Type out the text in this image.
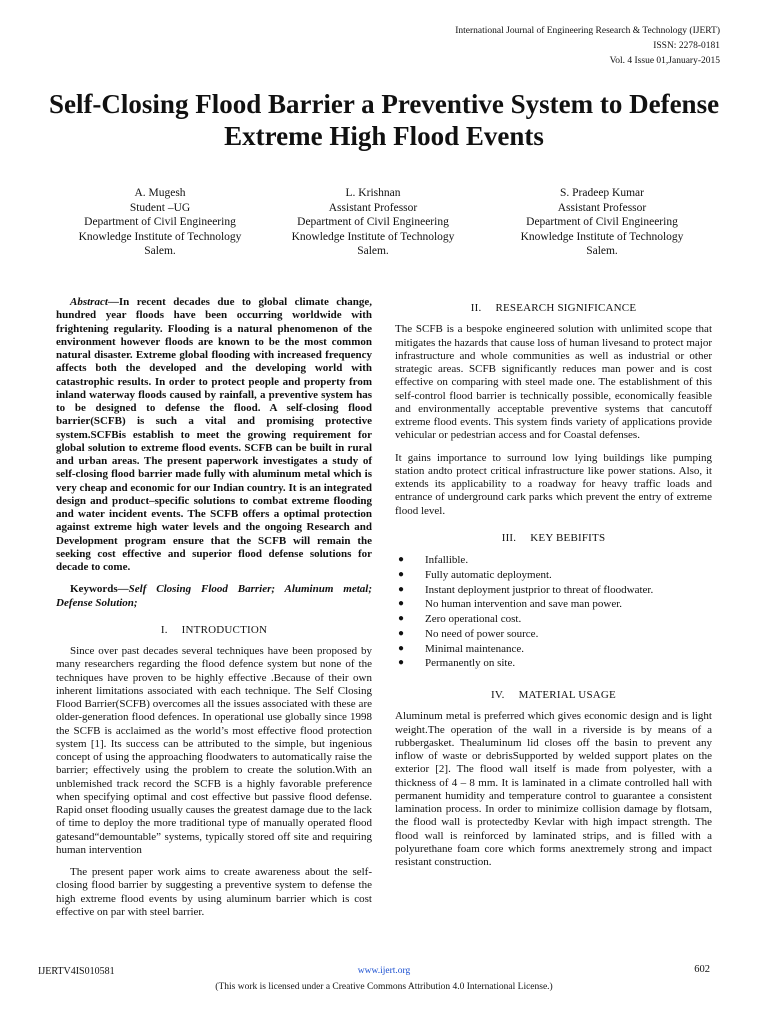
International Journal of Engineering Research & Technology (IJERT)
ISSN: 2278-0181
Vol. 4 Issue 01,January-2015
Self-Closing Flood Barrier a Preventive System to Defense Extreme High Flood Events
A. Mugesh
Student –UG
Department of Civil Engineering
Knowledge Institute of Technology
Salem.
L. Krishnan
Assistant Professor
Department of Civil Engineering
Knowledge Institute of Technology
Salem.
S. Pradeep Kumar
Assistant Professor
Department of Civil Engineering
Knowledge Institute of Technology
Salem.

Abstract—In recent decades due to global climate change, hundred year floods have been occurring worldwide with frightening regularity. Flooding is a natural phenomenon of the environment however floods are known to be the most common natural disaster. Extreme global flooding with increased frequency affects both the developed and the developing world with catastrophic results. In order to protect people and property from inland waterway floods caused by rainfall, a preventive system has to be designed to defense the flood. A self-closing flood barrier(SCFB) is such a vital and promising protective system.SCFBis establish to meet the growing requirement for global solution to extreme flood events. SCFB can be built in rural and urban areas. The present paperwork investigates a study of self-closing flood barrier made fully with aluminum metal which is very cheap and economic for our Indian country. It is an integrated design and product–specific solutions to combat extreme flooding and water incident events. The SCFB offers a optimal protection against extreme high water levels and the ongoing Research and Development program ensure that the SCFB will remain the seeking cost effective and superior flood defense solutions for decade to come.

Keywords—Self Closing Flood Barrier; Aluminum metal; Defense Solution;

I. INTRODUCTION

Since over past decades several techniques have been proposed by many researchers regarding the flood defence system but none of the techniques have proven to be highly effective .Because of their own inherent limitations associated with each technique. The Self Closing Flood Barrier(SCFB) overcomes all the issues associated with these are older-generation flood defences. In operational use globally since 1998 the SCFB is acclaimed as the world’s most effective flood protection system [1]. Its success can be attributed to the simple, but ingenious concept of using the approaching floodwaters to automatically raise the barrier; effectively using the problem to create the solution.With an unblemished track record the SCFB is a highly favorable preference when specifying optimal and cost effective but passive flood defense. Rapid onset flooding usually causes the greatest damage due to the lack of time to deploy the more traditional type of manually operated flood gatesand“demountable” systems, typically stored off site and requiring human intervention

The present paper work aims to create awareness about the self-closing flood barrier by suggesting a preventive system to defense the high extreme flood events by using aluminum barrier which is cost effective on par with steel barrier.

II. RESEARCH SIGNIFICANCE

The SCFB is a bespoke engineered solution with unlimited scope that mitigates the hazards that cause loss of human livesand to protect major infrastructure and whole communities as well as industrial or other strategic areas. SCFB significantly reduces man power and is cost effective on comparing with steel made one. The establishment of this self-control flood barrier is technically possible, economically feasible and environmentally acceptable preventive systems that cancutoff extreme flood events. This system finds variety of applications provide vehicular or pedestrian access and for Coastal defenses.

It gains importance to surround low lying buildings like pumping station andto protect critical infrastructure like power stations. Also, it extends its applicability to a roadway for heavy traffic loads and entrance of underground cark parks which prevent the entry of extreme flood level.

III. KEY BEBIFITS
● Infallible.
● Fully automatic deployment.
● Instant deployment justprior to threat of floodwater.
● No human intervention and save man power.
● Zero operational cost.
● No need of power source.
● Minimal maintenance.
● Permanently on site.
IV. MATERIAL USAGE

Aluminum metal is preferred which gives economic design and is light weight.The operation of the wall in a riverside is by means of a rubbergasket. Thealuminum lid closes off the basin to prevent any inflow of waste or debrisSupported by welded support plates on the exterior [2]. The flood wall itself is made from polyester, with a thickness of 4 – 8 mm. It is laminated in a climate controlled hall with permanent humidity and temperature control to guarantee a consistent lamination process. In order to minimize collision damage by flotsam, the flood wall is protectedby Kevlar with high impact strength. The flood wall is reinforced by laminated strips, and is filled with a polyurethane foam core which forms anextremely strong and impact resistant construction.

IJERTV4IS010581	www.ijert.org	602
(This work is licensed under a Creative Commons Attribution 4.0 International License.)
